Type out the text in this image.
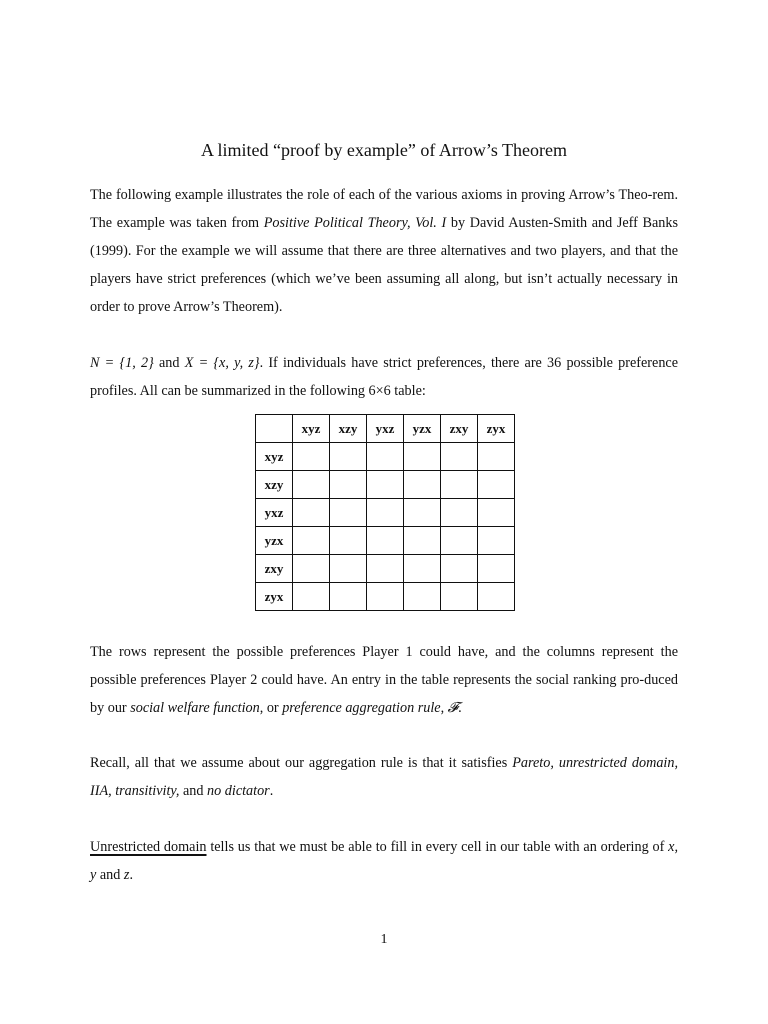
A limited “proof by example” of Arrow’s Theorem

The following example illustrates the role of each of the various axioms in proving Arrow’s Theo-rem. The example was taken from Positive Political Theory, Vol. I by David Austen-Smith and Jeff Banks (1999). For the example we will assume that there are three alternatives and two players, and that the players have strict preferences (which we’ve been assuming all along, but isn’t actually necessary in order to prove Arrow’s Theorem).

N = {1, 2} and X = {x, y, z}. If individuals have strict preferences, there are 36 possible preference profiles. All can be summarized in the following 6×6 table:

	xyz	xzy	yxz	yzx	zxy	zyx
xyz						
xzy						
yxz						
yzx						
zxy						
zyx						

The rows represent the possible preferences Player 1 could have, and the columns represent the possible preferences Player 2 could have. An entry in the table represents the social ranking pro-duced by our social welfare function, or preference aggregation rule, 𝓕.

Recall, all that we assume about our aggregation rule is that it satisfies Pareto, unrestricted domain, IIA, transitivity, and no dictator.

Unrestricted domain tells us that we must be able to fill in every cell in our table with an ordering of x, y and z.

1
